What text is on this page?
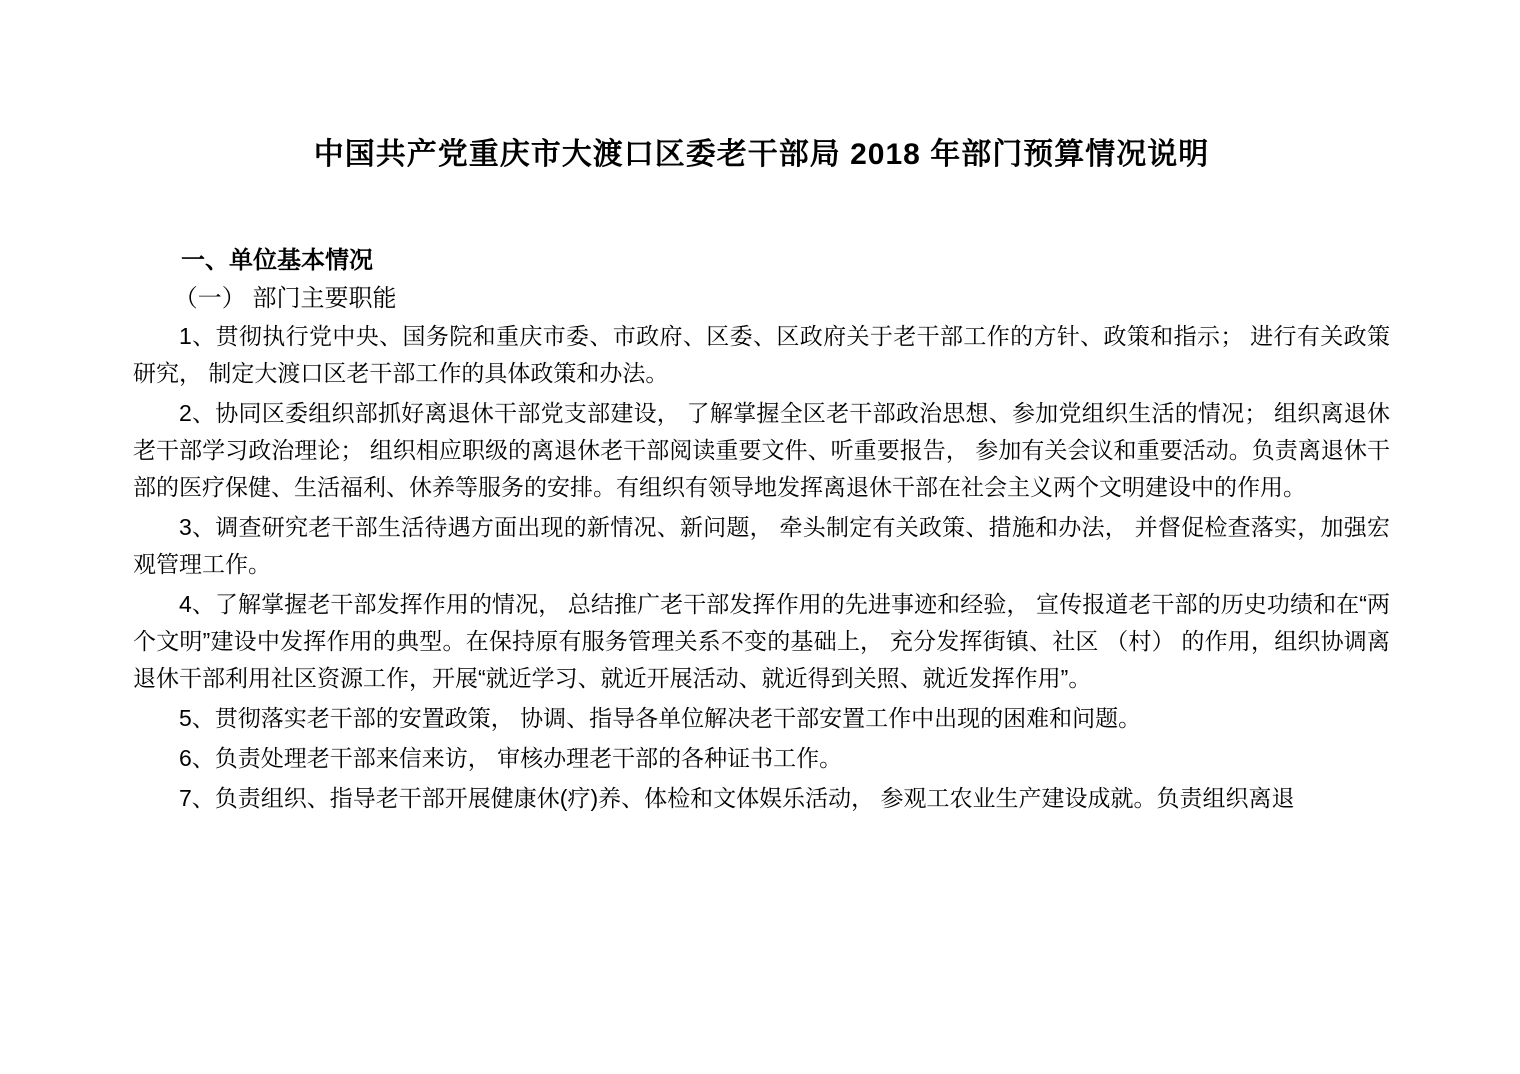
中国共产党重庆市大渡口区委老干部局 2018 年部门预算情况说明
一、单位基本情况
（一） 部门主要职能

1、贯彻执行党中央、国务院和重庆市委、市政府、区委、区政府关于老干部工作的方针、政策和指示； 进行有关政策研究， 制定大渡口区老干部工作的具体政策和办法。

2、协同区委组织部抓好离退休干部党支部建设， 了解掌握全区老干部政治思想、参加党组织生活的情况； 组织离退休老干部学习政治理论； 组织相应职级的离退休老干部阅读重要文件、听重要报告， 参加有关会议和重要活动。负责离退休干部的医疗保健、生活福利、休养等服务的安排。有组织有领导地发挥离退休干部在社会主义两个文明建设中的作用。

3、调查研究老干部生活待遇方面出现的新情况、新问题， 牵头制定有关政策、措施和办法， 并督促检查落实，加强宏观管理工作。

4、了解掌握老干部发挥作用的情况， 总结推广老干部发挥作用的先进事迹和经验， 宣传报道老干部的历史功绩和在“两个文明”建设中发挥作用的典型。在保持原有服务管理关系不变的基础上， 充分发挥街镇、社区 （村） 的作用，组织协调离退休干部利用社区资源工作，开展“就近学习、就近开展活动、就近得到关照、就近发挥作用”。

5、贯彻落实老干部的安置政策， 协调、指导各单位解决老干部安置工作中出现的困难和问题。

6、负责处理老干部来信来访， 审核办理老干部的各种证书工作。

7、负责组织、指导老干部开展健康休(疗)养、体检和文体娱乐活动， 参观工农业生产建设成就。负责组织离退
